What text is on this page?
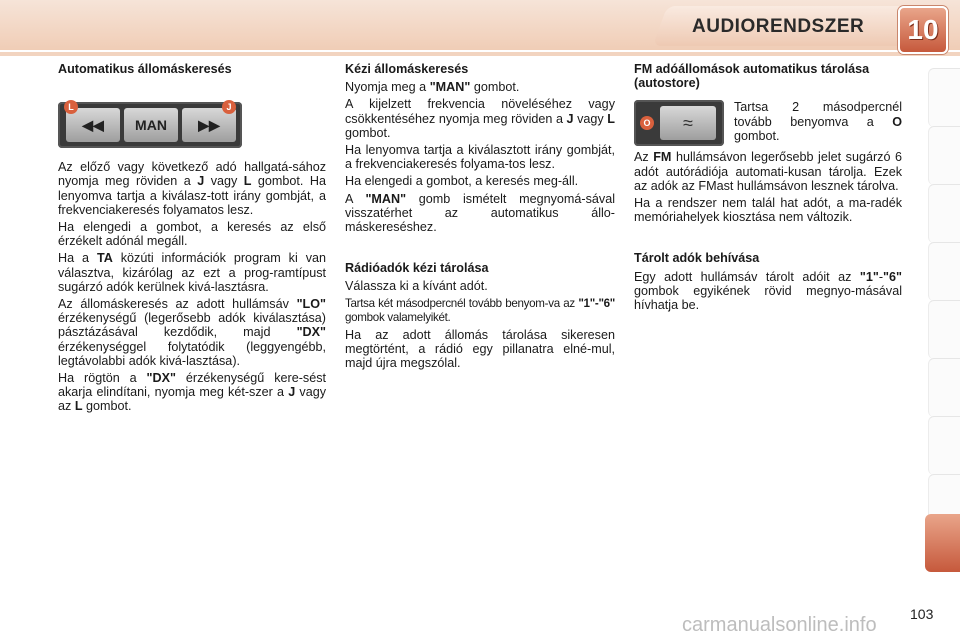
AUDIORENDSZER	10
Automatikus állomáskeresés
◀◀	MAN	▶▶
L	J

Az előző vagy következő adó hallgatá-sához nyomja meg röviden a J vagy L gombot. Ha lenyomva tartja a kiválasz-tott irány gombját, a frekvenciakeresés folyamatos lesz.

Ha elengedi a gombot, a keresés az első érzékelt adónál megáll.

Ha a TA közúti információk program ki van választva, kizárólag az ezt a prog-ramtípust sugárzó adók kerülnek kivá-lasztásra.

Az állomáskeresés az adott hullámsáv "LO" érzékenységű (legerősebb adók kiválasztása) pásztázásával kezdődik, majd "DX" érzékenységgel folytatódik (leggyengébb, legtávolabbi adók kivá-lasztása).

Ha rögtön a "DX" érzékenységű kere-sést akarja elindítani, nyomja meg két-szer a J vagy az L gombot.

Kézi állomáskeresés

Nyomja meg a "MAN" gombot.

A kijelzett frekvencia növeléséhez vagy csökkentéséhez nyomja meg röviden a J vagy L gombot.

Ha lenyomva tartja a kiválasztott irány gombját, a frekvenciakeresés folyama-tos lesz.

Ha elengedi a gombot, a keresés meg-áll.

A "MAN" gomb ismételt megnyomá-sával visszatérhet az automatikus állo-máskereséshez.

Rádióadók kézi tárolása

Válassza ki a kívánt adót.

Tartsa két másodpercnél tovább benyom-va az "1"-"6" gombok valamelyikét.

Ha az adott állomás tárolása sikeresen megtörtént, a rádió egy pillanatra elné-mul, majd újra megszólal.

FM adóállomások automatikus tárolása (autostore)
≈
O

Tartsa 2 másodpercnél tovább benyomva a O gombot.

Az FM hullámsávon legerősebb jelet sugárzó 6 adót autórádiója automati-kusan tárolja. Ezek az adók az FMast hullámsávon lesznek tárolva.

Ha a rendszer nem talál hat adót, a ma-radék memóriahelyek kiosztása nem változik.

Tárolt adók behívása

Egy adott hullámsáv tárolt adóit az "1"-"6" gombok egyikének rövid megnyo-másával hívhatja be.

carmanualsonline.info 103
